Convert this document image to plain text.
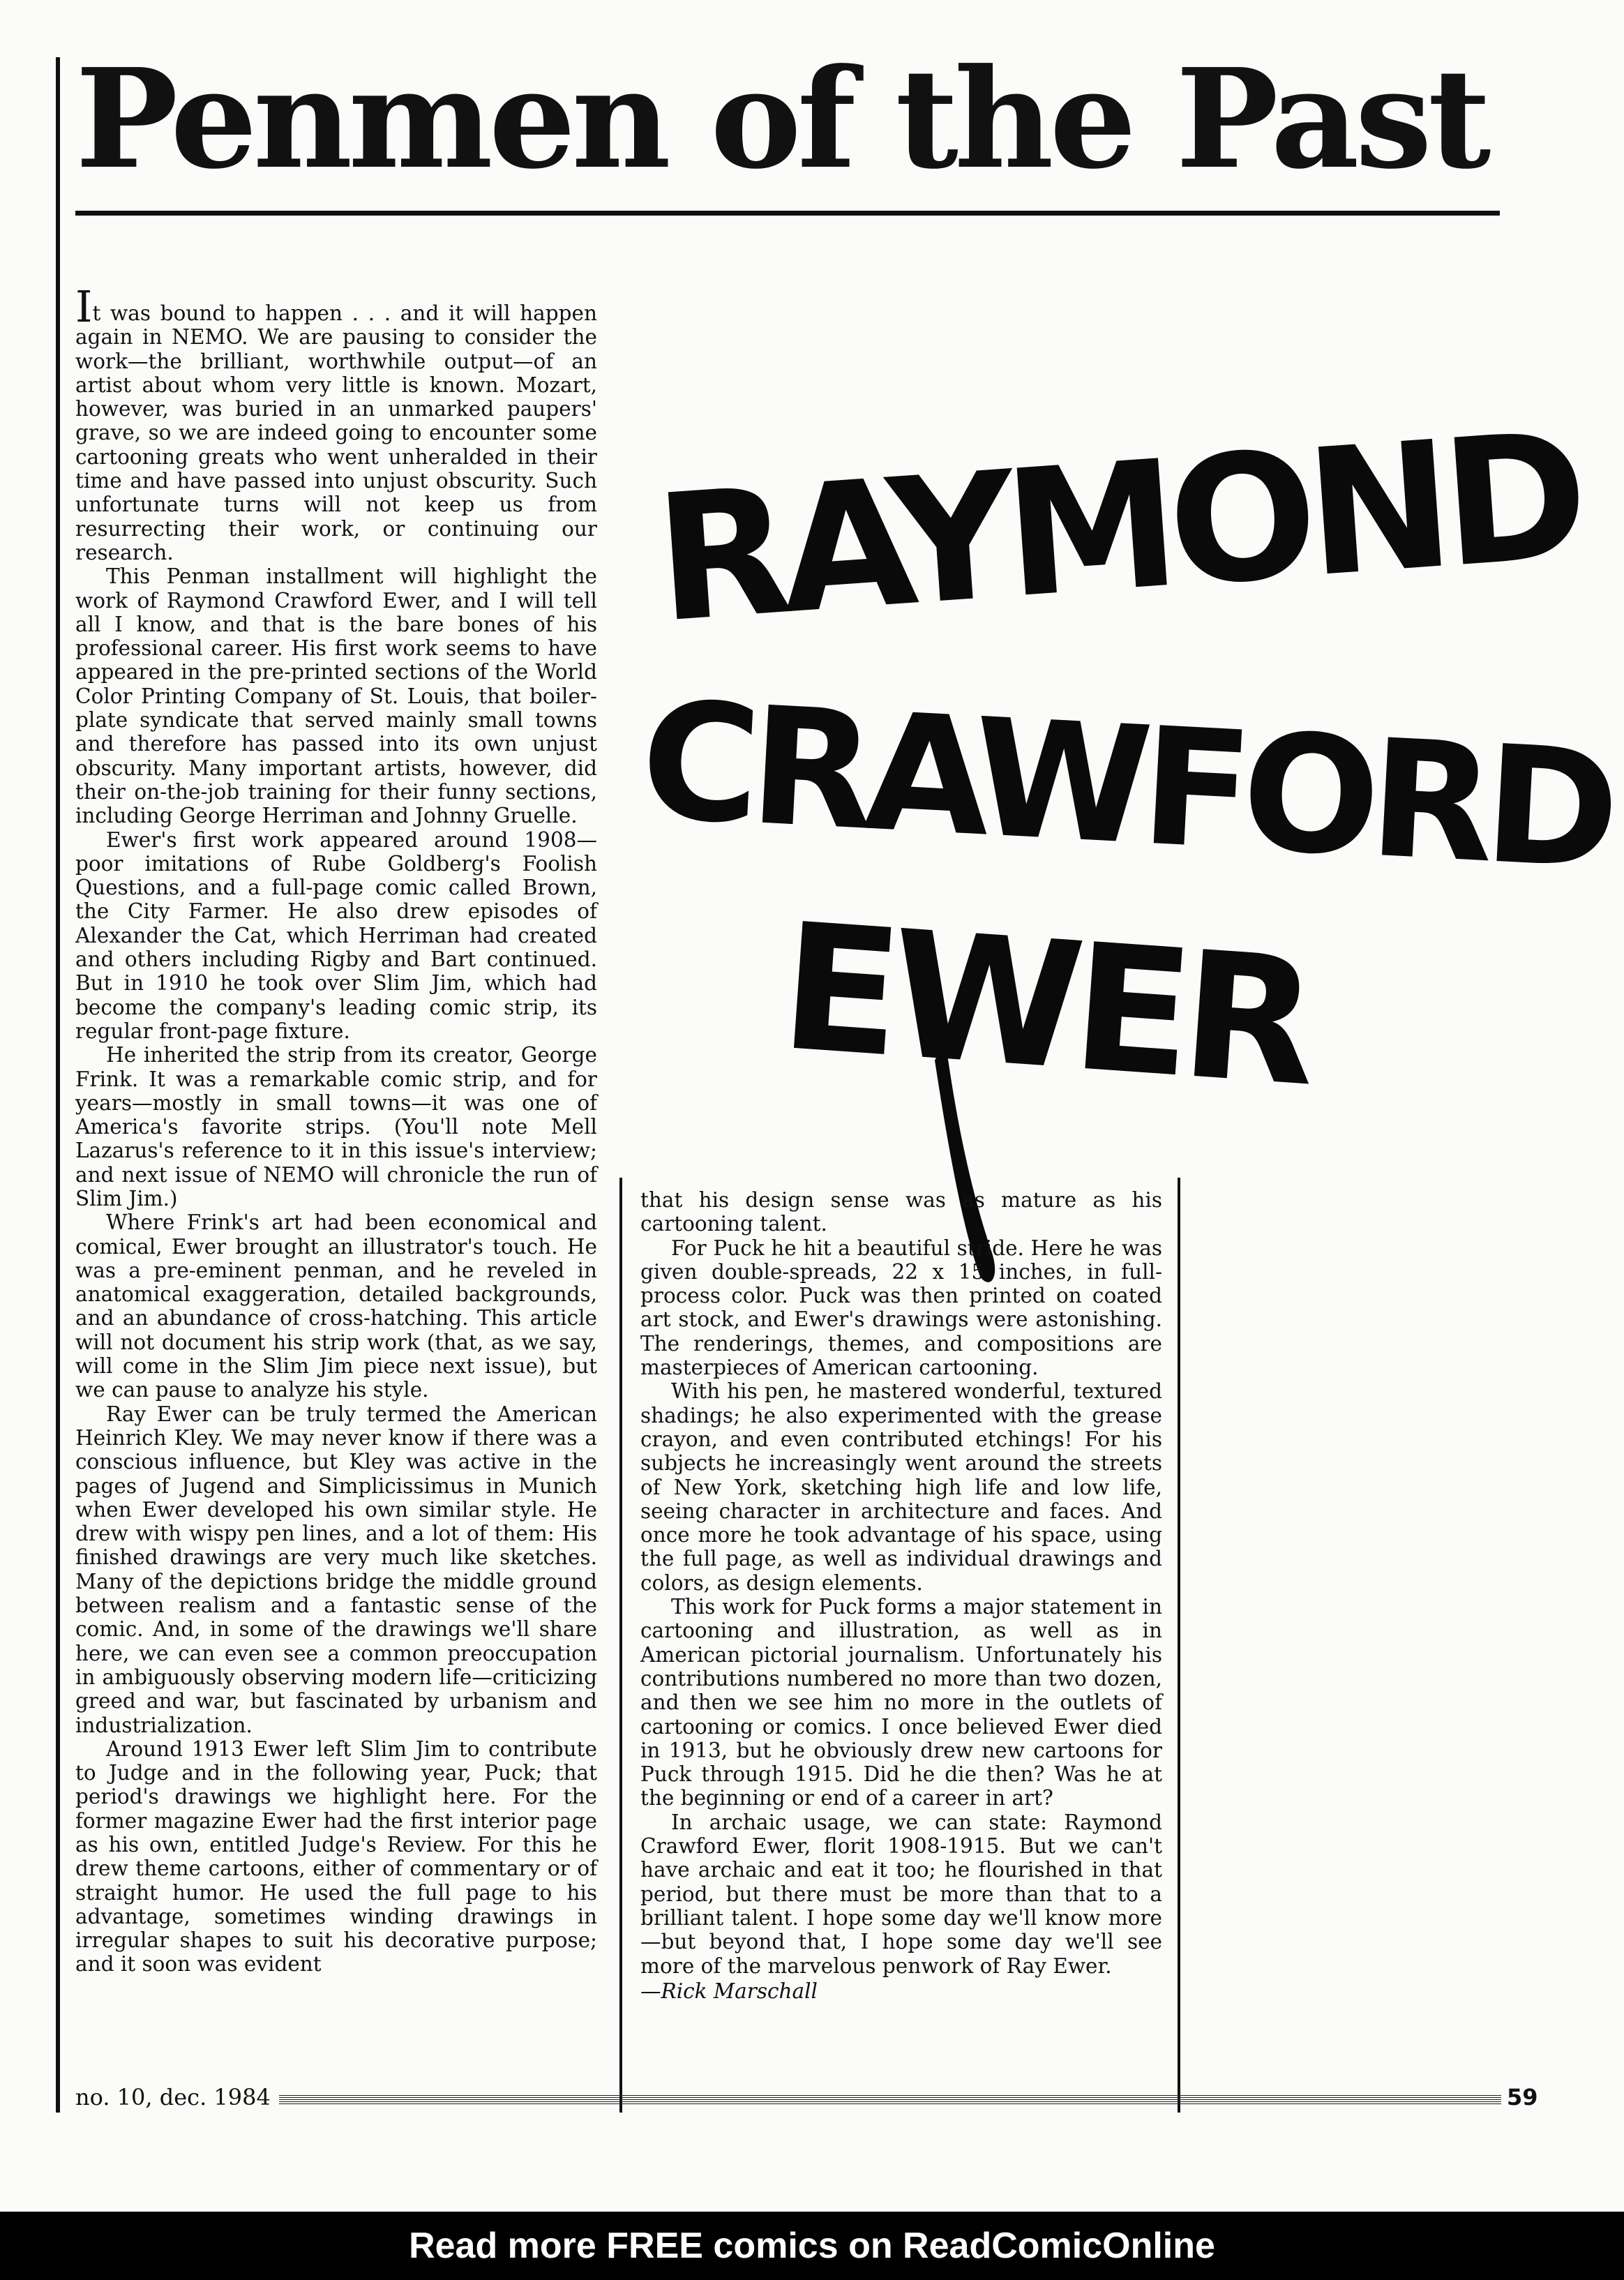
Penmen of the Past
RAYMOND
CRAWFORD
EWER

It was bound to happen . . . and it will happen again in NEMO. We are pausing to consider the work—the brilliant, worthwhile output—of an artist about whom very little is known. Mozart, however, was buried in an unmarked paupers' grave, so we are indeed going to encounter some cartooning greats who went unheralded in their time and have passed into unjust obscurity. Such unfortunate turns will not keep us from resurrecting their work, or continuing our research.

This Penman installment will highlight the work of Raymond Crawford Ewer, and I will tell all I know, and that is the bare bones of his professional career. His first work seems to have appeared in the pre-printed sections of the World Color Printing Company of St. Louis, that boiler-plate syndicate that served mainly small towns and therefore has passed into its own unjust obscurity. Many important artists, however, did their on-the-job training for their funny sections, including George Herriman and Johnny Gruelle.

Ewer's first work appeared around 1908—poor imitations of Rube Goldberg's Foolish Questions, and a full-page comic called Brown, the City Farmer. He also drew episodes of Alexander the Cat, which Herriman had created and others including Rigby and Bart continued. But in 1910 he took over Slim Jim, which had become the company's leading comic strip, its regular front-page fixture.

He inherited the strip from its creator, George Frink. It was a remarkable comic strip, and for years—mostly in small towns—it was one of America's favorite strips. (You'll note Mell Lazarus's reference to it in this issue's interview; and next issue of NEMO will chronicle the run of Slim Jim.)

Where Frink's art had been economical and comical, Ewer brought an illustrator's touch. He was a pre-eminent penman, and he reveled in anatomical exaggeration, detailed backgrounds, and an abundance of cross-hatching. This article will not document his strip work (that, as we say, will come in the Slim Jim piece next issue), but we can pause to analyze his style.

Ray Ewer can be truly termed the American Heinrich Kley. We may never know if there was a conscious influence, but Kley was active in the pages of Jugend and Simplicissimus in Munich when Ewer developed his own similar style. He drew with wispy pen lines, and a lot of them: His finished drawings are very much like sketches. Many of the depictions bridge the middle ground between realism and a fantastic sense of the comic. And, in some of the drawings we'll share here, we can even see a common preoccupation in ambiguously observing modern life—criticizing greed and war, but fascinated by urbanism and industrialization.

Around 1913 Ewer left Slim Jim to contribute to Judge and in the following year, Puck; that period's drawings we highlight here. For the former magazine Ewer had the first interior page as his own, entitled Judge's Review. For this he drew theme cartoons, either of commentary or of straight humor. He used the full page to his advantage, sometimes winding drawings in irregular shapes to suit his decorative purpose; and it soon was evident

that his design sense was as mature as his cartooning talent.

For Puck he hit a beautiful stride. Here he was given double-spreads, 22 x 15 inches, in full-process color. Puck was then printed on coated art stock, and Ewer's drawings were astonishing. The renderings, themes, and compositions are masterpieces of American cartooning.

With his pen, he mastered wonderful, textured shadings; he also experimented with the grease crayon, and even contributed etchings! For his subjects he increasingly went around the streets of New York, sketching high life and low life, seeing character in architecture and faces. And once more he took advantage of his space, using the full page, as well as individual drawings and colors, as design elements.

This work for Puck forms a major statement in cartooning and illustration, as well as in American pictorial journalism. Unfortunately his contributions numbered no more than two dozen, and then we see him no more in the outlets of cartooning or comics. I once believed Ewer died in 1913, but he obviously drew new cartoons for Puck through 1915. Did he die then? Was he at the beginning or end of a career in art?

In archaic usage, we can state: Raymond Crawford Ewer, florit 1908-1915. But we can't have archaic and eat it too; he flourished in that period, but there must be more than that to a brilliant talent. I hope some day we'll know more—but beyond that, I hope some day we'll see more of the marvelous penwork of Ray Ewer.

—Rick Marschall

no. 10, dec. 1984	59
Read more FREE comics on ReadComicOnline
